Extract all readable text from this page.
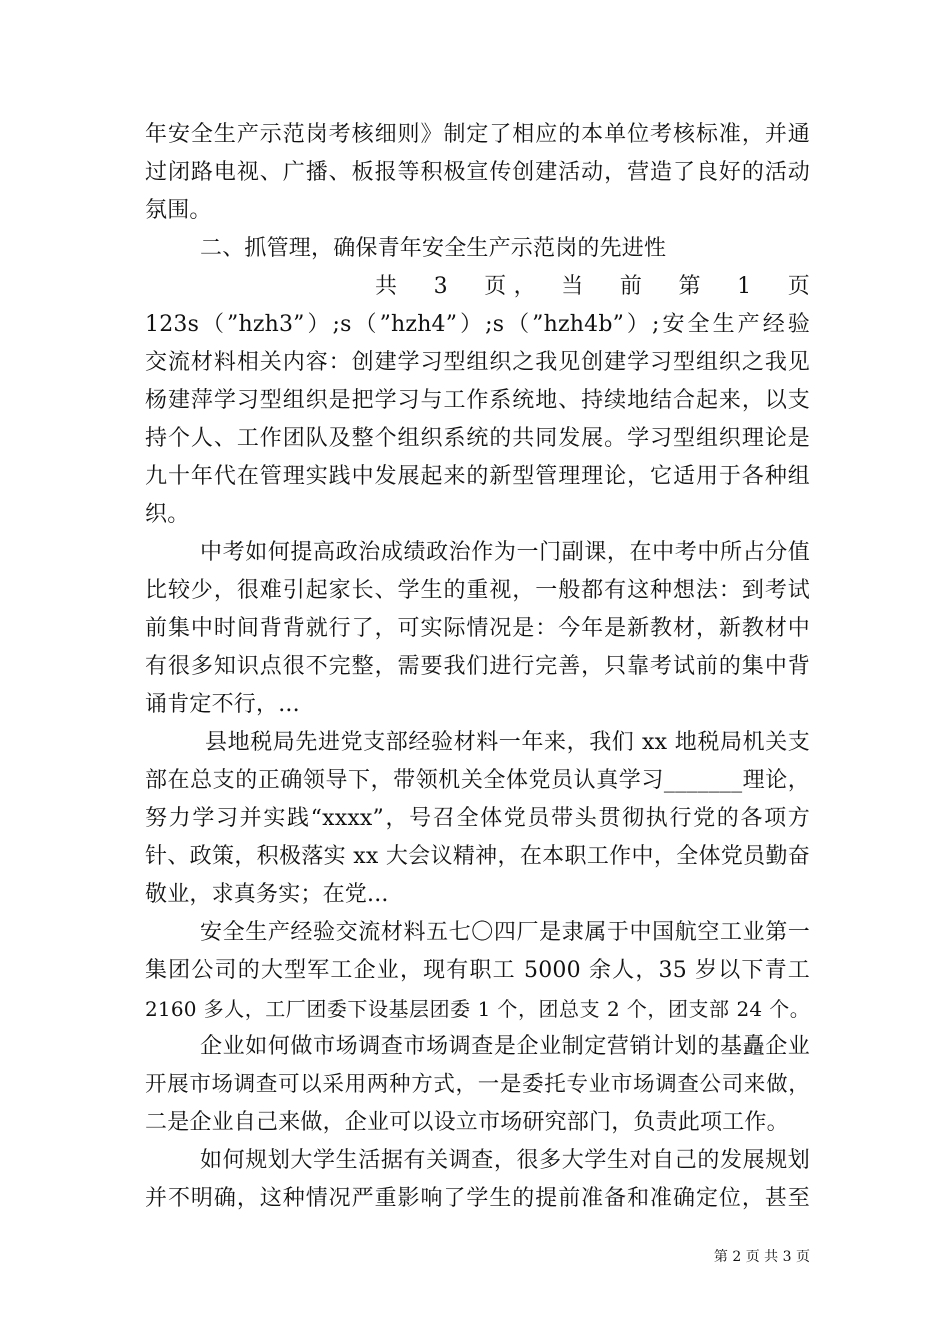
年安全生产示范岗考核细则》制定了相应的本单位考核标准，并通
过闭路电视、广播、板报等积极宣传创建活动，营造了良好的活动
氛围。
二、抓管理，确保青年安全生产示范岗的先进性
共　3　页，　当　前　第　1　页
123s（”hzh3”）;s（”hzh4”）;s（”hzh4b”）;安全生产经验
交流材料相关内容：创建学习型组织之我见创建学习型组织之我见
杨建萍学习型组织是把学习与工作系统地、持续地结合起来，以支
持个人、工作团队及整个组织系统的共同发展。学习型组织理论是
九十年代在管理实践中发展起来的新型管理理论，它适用于各种组
织。
中考如何提高政治成绩政治作为一门副课，在中考中所占分值
比较少，很难引起家长、学生的重视，一般都有这种想法：到考试
前集中时间背背就行了，可实际情况是：今年是新教材，新教材中
有很多知识点很不完整，需要我们进行完善，只靠考试前的集中背
诵肯定不行，...
县地税局先进党支部经验材料一年来，我们 xx 地税局机关支
部在总支的正确领导下，带领机关全体党员认真学习_______理论，
努力学习并实践“xxxx”，号召全体党员带头贯彻执行党的各项方
针、政策，积极落实 xx 大会议精神，在本职工作中，全体党员勤奋
敬业，求真务实；在党...
安全生产经验交流材料五七〇四厂是隶属于中国航空工业第一
集团公司的大型军工企业，现有职工 5000 余人，35 岁以下青工
2160 多人，工厂团委下设基层团委 1 个，团总支 2 个，团支部 24 个。
企业如何做市场调查市场调查是企业制定营销计划的基矗企业
开展市场调查可以采用两种方式，一是委托专业市场调查公司来做，
二是企业自己来做，企业可以设立市场研究部门，负责此项工作。
如何规划大学生活据有关调查，很多大学生对自己的发展规划
并不明确，这种情况严重影响了学生的提前准备和准确定位，甚至
第 2 页 共 3 页
